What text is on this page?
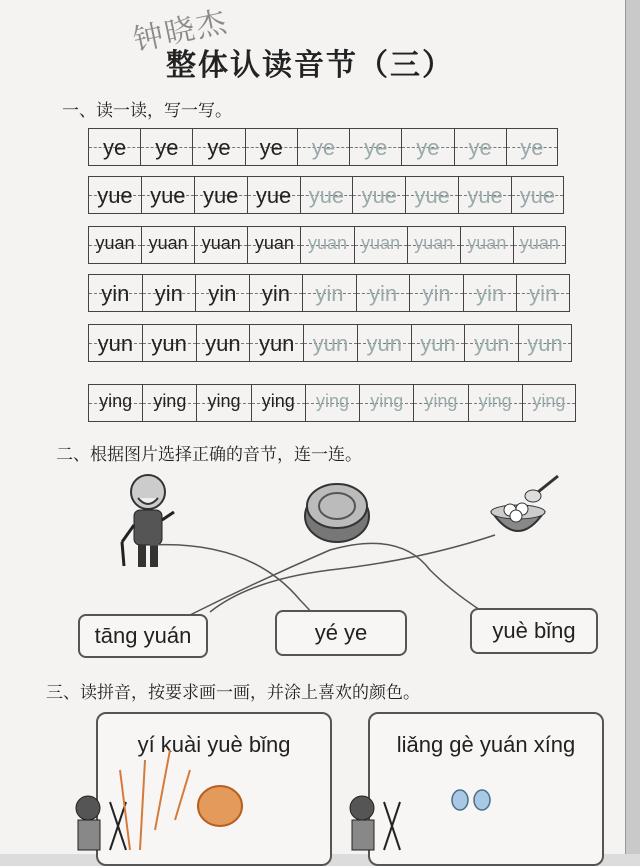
钟晓杰
整体认读音节（三）
一、读一读，写一写。
ye	ye	ye	ye	ye	ye	ye	ye	ye
yue yue yue yue yue yue yue yue yue
yuan yuan yuan yuan yuan yuan yuan yuan yuan
yin	yin	yin	yin	yin	yin	yin	yin	yin
yun yun yun yun yun yun yun yun yun
ying	ying	ying	ying	ying	ying	ying	ying	ying
二、根据图片选择正确的音节，连一连。
tāng yuán	yé ye	yuè bǐng
三、读拼音，按要求画一画，并涂上喜欢的颜色。
yí kuài yuè bǐng	liǎng gè yuán xíng
